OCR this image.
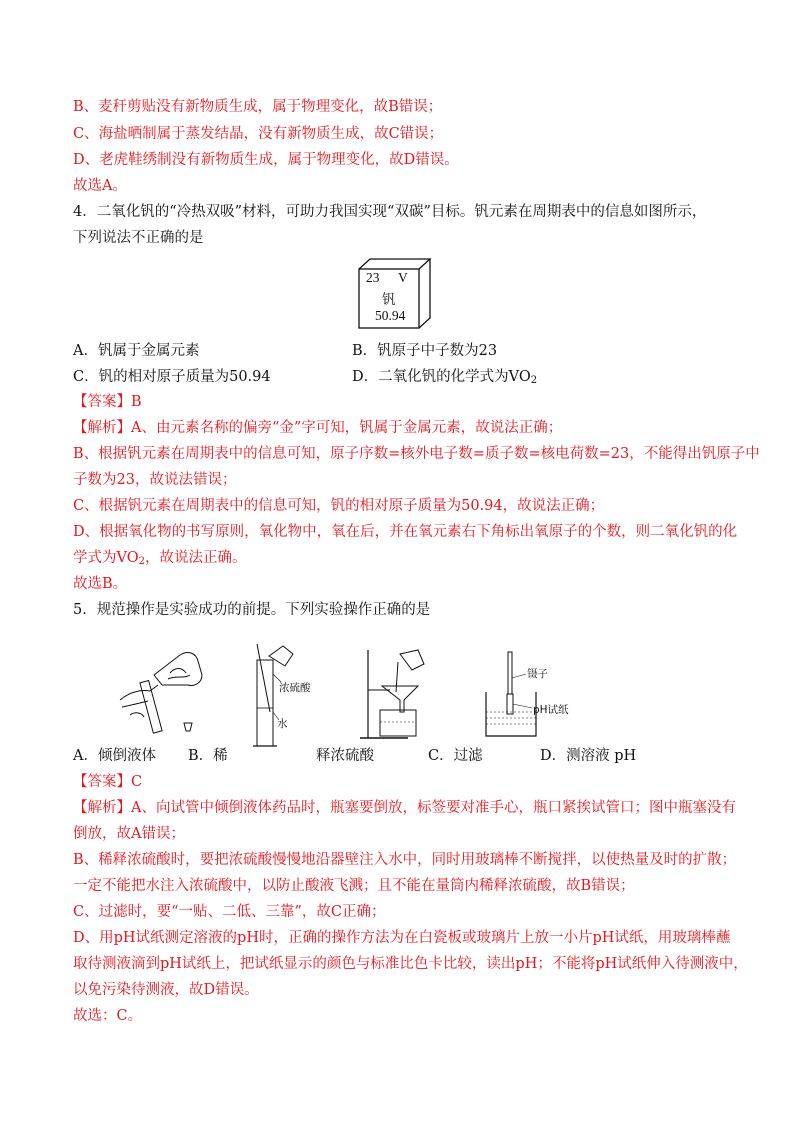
B、麦秆剪贴没有新物质生成，属于物理变化，故B错误；
C、海盐晒制属于蒸发结晶，没有新物质生成，故C错误；
D、老虎鞋绣制没有新物质生成，属于物理变化，故D错误。
故选A。
4．二氧化钒的“冷热双吸”材料，可助力我国实现“双碳”目标。钒元素在周期表中的信息如图所示，
下列说法不正确的是
23 V
钒
50.94
A．钒属于金属元素	B．钒原子中子数为23
C．钒的相对原子质量为50.94	D．二氧化钒的化学式为$VO_2$
【答案】B
【解析】A、由元素名称的偏旁“金”字可知，钒属于金属元素，故说法正确；
B、根据钒元素在周期表中的信息可知，原子序数=核外电子数=质子数=核电荷数=23，不能得出钒原子中
子数为23，故说法错误；
C、根据钒元素在周期表中的信息可知，钒的相对原子质量为50.94，故说法正确；
D、根据氧化物的书写原则，氧化物中，氧在后，并在氧元素右下角标出氧原子的个数，则二氧化钒的化
学式为$VO_2$，故说法正确。
故选B。
5．规范操作是实验成功的前提。下列实验操作正确的是
浓硫酸
水
镊子
pH试纸
A．倾倒液体 B．稀	释浓硫酸	C．过滤	D．测溶液 pH
【答案】C
【解析】A、向试管中倾倒液体药品时，瓶塞要倒放，标签要对准手心，瓶口紧挨试管口；图中瓶塞没有
倒放，故A错误；
B、稀释浓硫酸时，要把浓硫酸慢慢地沿器壁注入水中，同时用玻璃棒不断搅拌，以使热量及时的扩散；
一定不能把水注入浓硫酸中，以防止酸液飞溅；且不能在量筒内稀释浓硫酸，故B错误；
C、过滤时，要“一贴、二低、三靠”，故C正确；
D、用pH试纸测定溶液的pH时，正确的操作方法为在白瓷板或玻璃片上放一小片pH试纸，用玻璃棒蘸
取待测液滴到pH试纸上，把试纸显示的颜色与标准比色卡比较，读出pH；不能将pH试纸伸入待测液中，
以免污染待测液，故D错误。
故选：C。
